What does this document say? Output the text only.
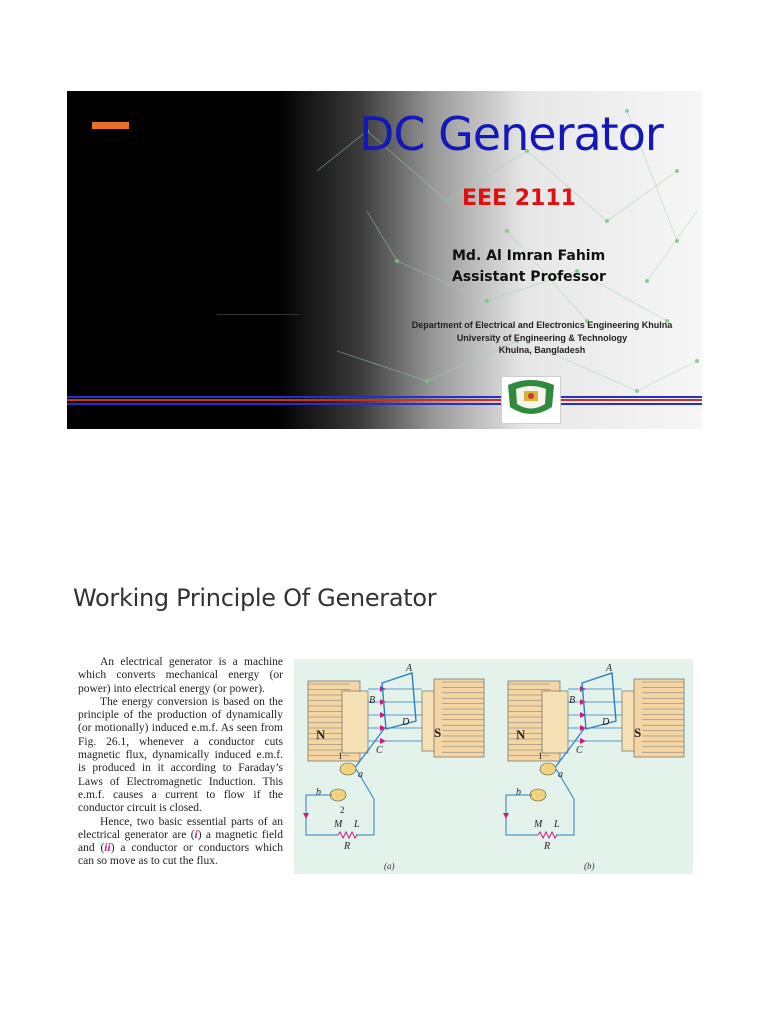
DC Generator
EEE 2111
Md. Al Imran Fahim
Assistant Professor
Department of Electrical and Electronics Engineering Khulna
University of Engineering & Technology
Khulna, Bangladesh
Working Principle Of Generator

An electrical generator is a machine which converts mechanical energy (or power) into electrical energy (or power).

The energy conversion is based on the principle of the production of dynamically (or motionally) induced e.m.f. As seen from Fig. 26.1, whenever a conductor cuts magnetic flux, dynamically induced e.m.f. is produced in it according to Faraday’s Laws of Electromagnetic Induction. This e.m.f. causes a current to flow if the conductor circuit is closed.

Hence, two basic essential parts of an electrical generator are (i) a magnetic field and (ii) a conductor or conductors which can so move as to cut the flux.

N	S
A
B
C
D
a
b
1
2
M L
R
(a)
N	S
A
B
C
D
a
b
1
M L
R
(b)
